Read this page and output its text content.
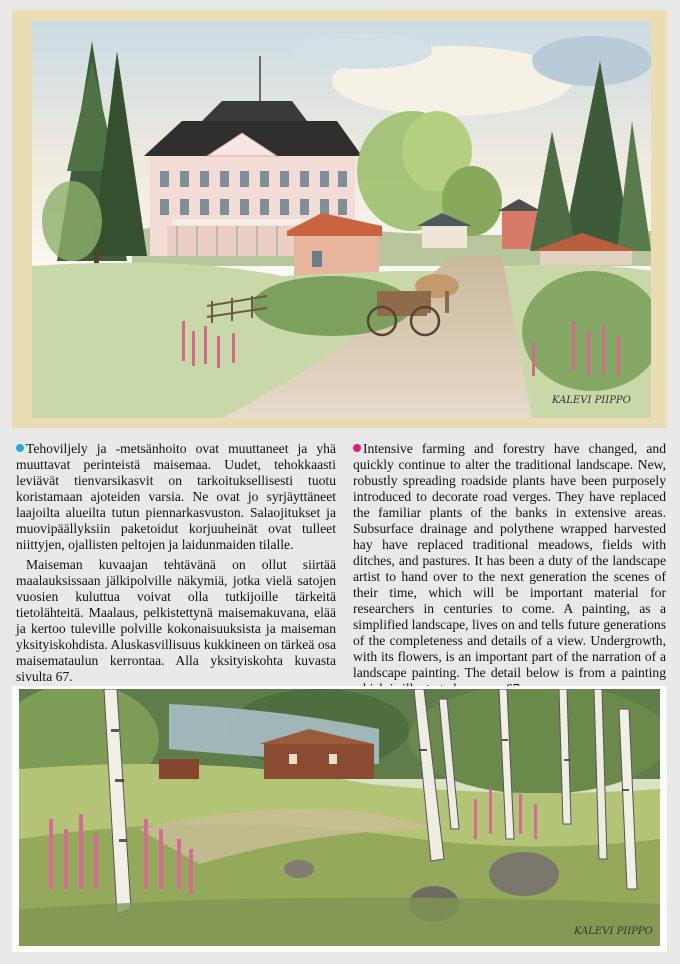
KALEVI PIIPPO

Tehoviljely ja -metsänhoito ovat muuttaneet ja yhä muuttavat perinteistä maisemaa. Uudet, tehokkaasti leviävät tienvarsikasvit on tarkoituksellisesti tuotu koristamaan ajoteiden varsia. Ne ovat jo syrjäyttäneet laajoilta alueilta tutun piennarkasvuston. Salaojitukset ja muovipäällyksiin paketoidut korjuuheinät ovat tulleet niittyjen, ojallisten peltojen ja laidunmaiden tilalle.

Maiseman kuvaajan tehtävänä on ollut siirtää maalauksissaan jälkipolville näkymiä, jotka vielä satojen vuosien kuluttua voivat olla tutkijoille tärkeitä tietolähteitä. Maalaus, pelkistettynä maisemakuvana, elää ja kertoo tuleville polville kokonaisuuksista ja maiseman yksityiskohdista. Aluskasvillisuus kukkineen on tärkeä osa maisemataulun kerrontaa. Alla yksityiskohta kuvasta sivulta 67.

Intensive farming and forestry have changed, and quickly continue to alter the traditional landscape. New, robustly spreading roadside plants have been purposely introduced to decorate road verges. They have replaced the familiar plants of the banks in extensive areas. Subsurface drainage and polythene wrapped harvested hay have replaced traditional meadows, fields with ditches, and pastures. It has been a duty of the landscape artist to hand over to the next generation the scenes of their time, which will be important material for researchers in centuries to come. A painting, as a simplified landscape, lives on and tells future generations of the completeness and details of a view. Undergrowth, with its flowers, is an important part of the narration of a landscape painting. The detail below is from a painting

KALEVI PIIPPO
